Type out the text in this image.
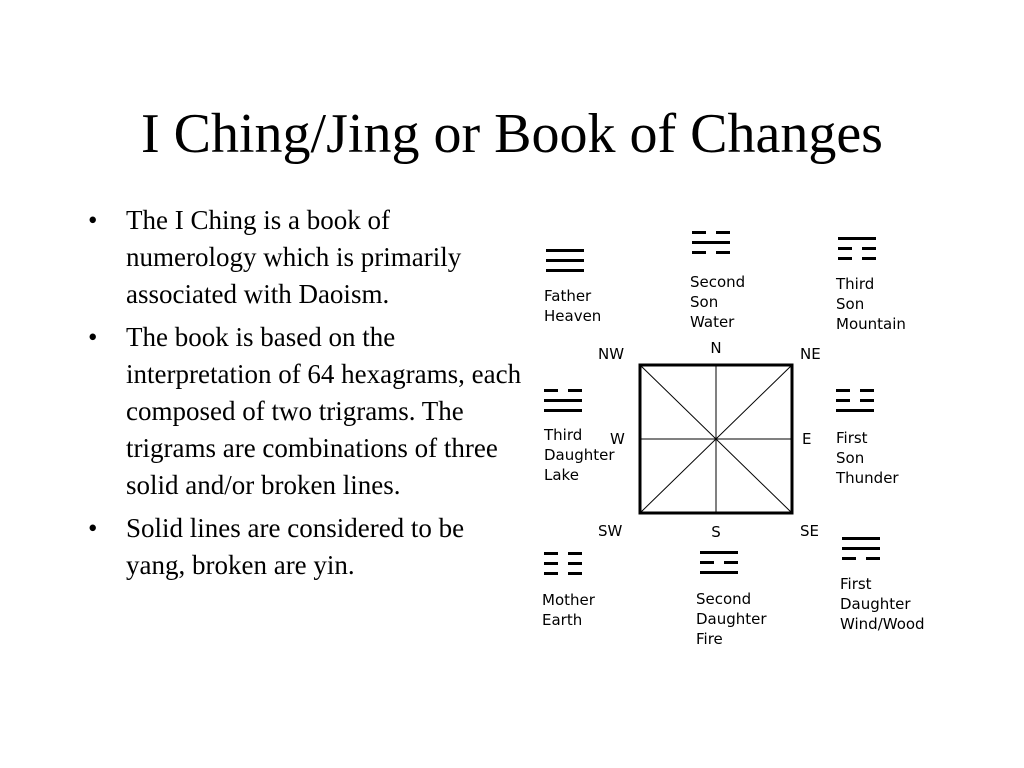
I Ching/Jing or Book of Changes
• The I Ching is a book of numerology which is primarily associated with Daoism.
• The book is based on the interpretation of 64 hexagrams, each composed of two trigrams. The trigrams are combinations of three solid and/or broken lines.
• Solid lines are considered to be yang, broken are yin.
N
S
E
W
NW	NE
SW	SE
Father
Heaven
Second
Son
Water
Third
Son
Mountain
Third
Daughter
Lake
First
Son
Thunder
Mother
Earth
Second
Daughter
Fire
First
Daughter
Wind/Wood
